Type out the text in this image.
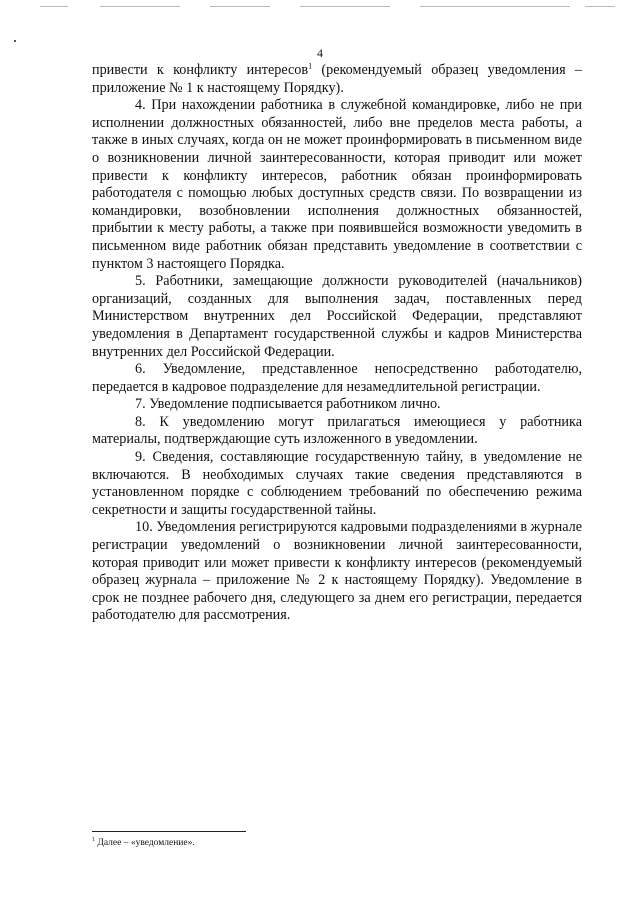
4

привести к конфликту интересов$^1$ (рекомендуемый образец уведомления – приложение № 1 к настоящему Порядку).

4. При нахождении работника в служебной командировке, либо не при исполнении должностных обязанностей, либо вне пределов места работы, а также в иных случаях, когда он не может проинформировать в письменном виде о возникновении личной заинтересованности, которая приводит или может привести к конфликту интересов, работник обязан проинформировать работодателя с помощью любых доступных средств связи. По возвращении из командировки, возобновлении исполнения должностных обязанностей, прибытии к месту работы, а также при появившейся возможности уведомить в письменном виде работник обязан представить уведомление в соответствии с пунктом 3 настоящего Порядка.

5. Работники, замещающие должности руководителей (начальников) организаций, созданных для выполнения задач, поставленных перед Министерством внутренних дел Российской Федерации, представляют уведомления в Департамент государственной службы и кадров Министерства внутренних дел Российской Федерации.

6. Уведомление, представленное непосредственно работодателю, передается в кадровое подразделение для незамедлительной регистрации.

7. Уведомление подписывается работником лично.

8. К уведомлению могут прилагаться имеющиеся у работника материалы, подтверждающие суть изложенного в уведомлении.

9. Сведения, составляющие государственную тайну, в уведомление не включаются. В необходимых случаях такие сведения представляются в установленном порядке с соблюдением требований по обеспечению режима секретности и защиты государственной тайны.

10. Уведомления регистрируются кадровыми подразделениями в журнале регистрации уведомлений о возникновении личной заинтересованности, которая приводит или может привести к конфликту интересов (рекомендуемый образец журнала – приложение № 2 к настоящему Порядку). Уведомление в срок не позднее рабочего дня, следующего за днем его регистрации, передается работодателю для рассмотрения.

$^1$ Далее – «уведомление».
